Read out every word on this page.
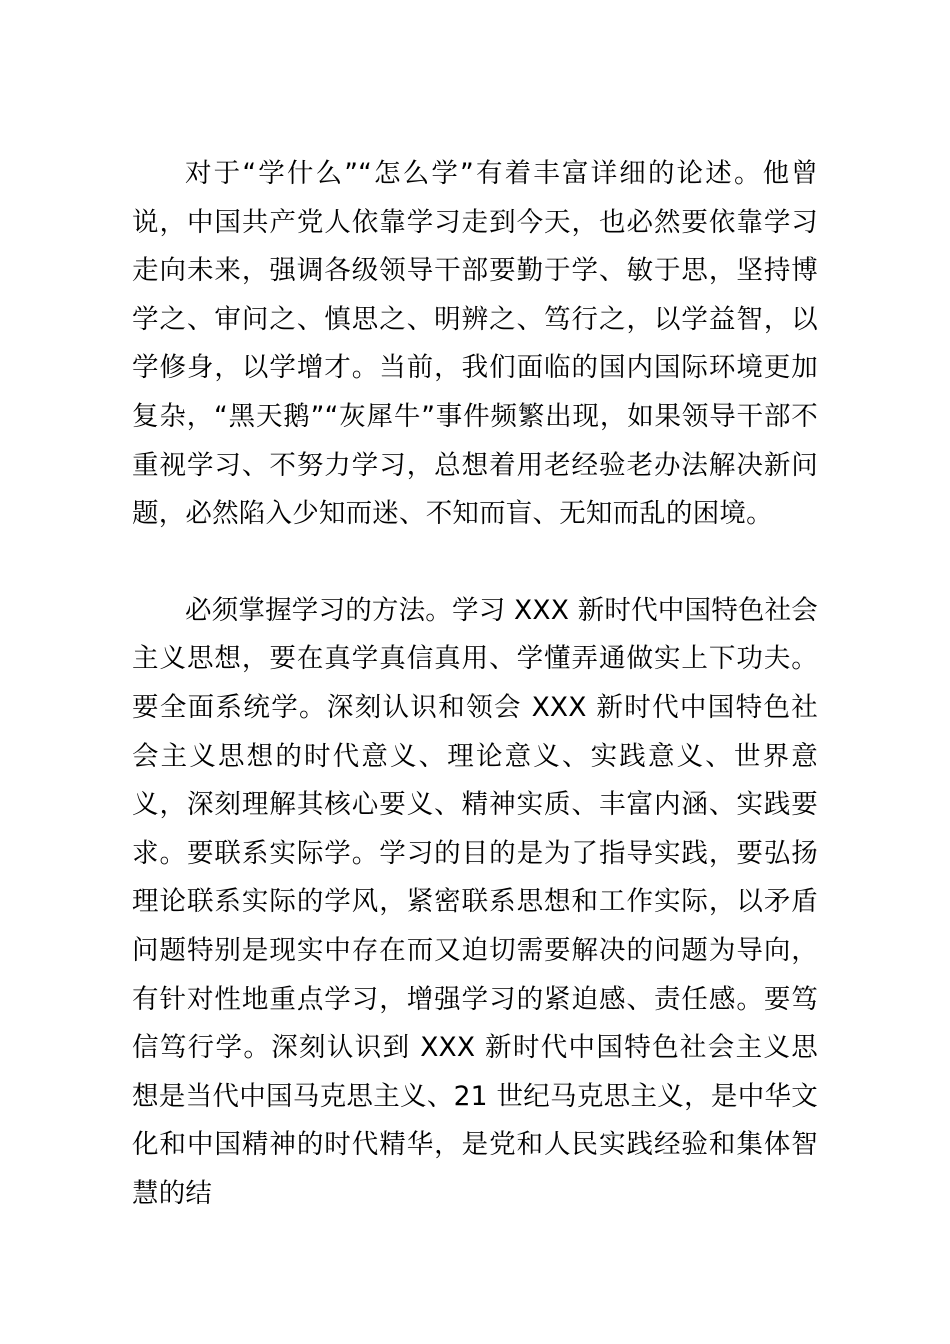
对于“学什么”“怎么学”有着丰富详细的论述。他曾说，中国共产党人依靠学习走到今天，也必然要依靠学习走向未来，强调各级领导干部要勤于学、敏于思，坚持博学之、审问之、慎思之、明辨之、笃行之，以学益智，以学修身，以学增才。当前，我们面临的国内国际环境更加复杂，“黑天鹅”“灰犀牛”事件频繁出现，如果领导干部不重视学习、不努力学习，总想着用老经验老办法解决新问题，必然陷入少知而迷、不知而盲、无知而乱的困境。

必须掌握学习的方法。学习 XXX 新时代中国特色社会主义思想，要在真学真信真用、学懂弄通做实上下功夫。要全面系统学。深刻认识和领会 XXX 新时代中国特色社会主义思想的时代意义、理论意义、实践意义、世界意义，深刻理解其核心要义、精神实质、丰富内涵、实践要求。要联系实际学。学习的目的是为了指导实践，要弘扬理论联系实际的学风，紧密联系思想和工作实际，以矛盾问题特别是现实中存在而又迫切需要解决的问题为导向，有针对性地重点学习，增强学习的紧迫感、责任感。要笃信笃行学。深刻认识到 XXX 新时代中国特色社会主义思想是当代中国马克思主义、21 世纪马克思主义，是中华文化和中国精神的时代精华，是党和人民实践经验和集体智慧的结
